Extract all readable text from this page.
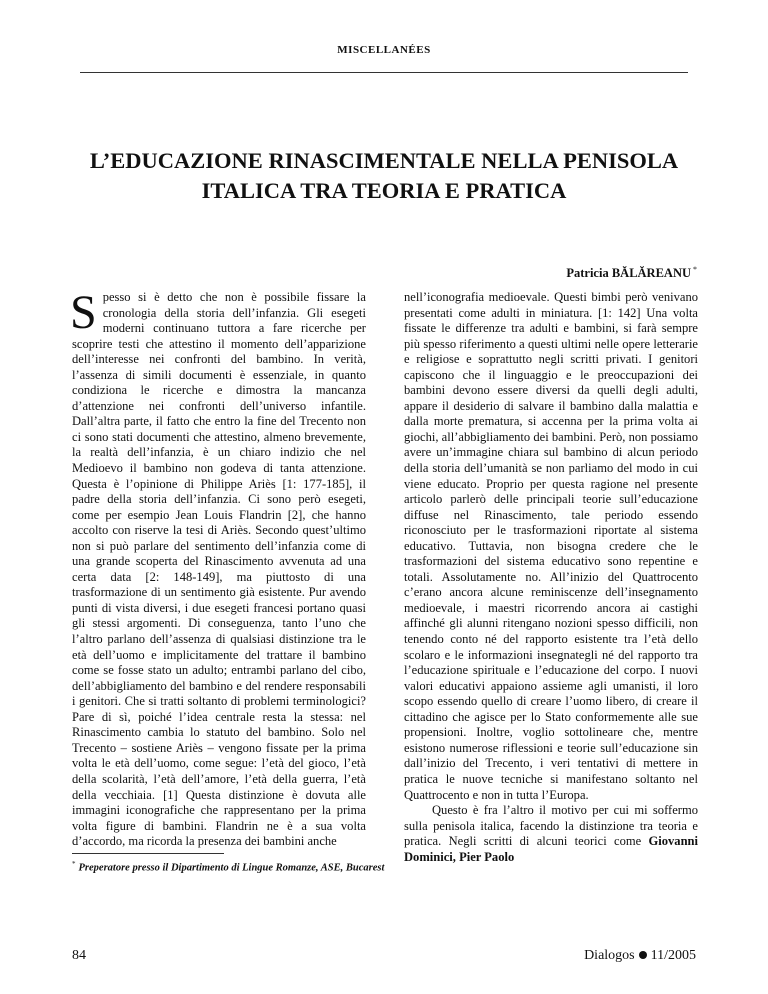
MISCELLANÉES
L’EDUCAZIONE RINASCIMENTALE NELLA PENISOLA ITALICA TRA TEORIA E PRATICA
Patricia BĂLĂREANU *

Spesso si è detto che non è possibile fissare la cronologia della storia dell’infanzia. Gli esegeti moderni continuano tuttora a fare ricerche per scoprire testi che attestino il momento dell’apparizione dell’interesse nei confronti del bambino. In verità, l’assenza di simili documenti è essenziale, in quanto condiziona le ricerche e dimostra la mancanza d’attenzione nei confronti dell’universo infantile. Dall’altra parte, il fatto che entro la fine del Trecento non ci sono stati documenti che attestino, almeno brevemente, la realtà dell’infanzia, è un chiaro indizio che nel Medioevo il bambino non godeva di tanta attenzione. Questa è l’opinione di Philippe Ariès [1: 177-185], il padre della storia dell’infanzia. Ci sono però esegeti, come per esempio Jean Louis Flandrin [2], che hanno accolto con riserve la tesi di Ariès. Secondo quest’ultimo non si può parlare del sentimento dell’infanzia come di una grande scoperta del Rinascimento avvenuta ad una certa data [2: 148-149], ma piuttosto di una trasformazione di un sentimento già esistente. Pur avendo punti di vista diversi, i due esegeti francesi portano quasi gli stessi argomenti. Di conseguenza, tanto l’uno che l’altro parlano dell’assenza di qualsiasi distinzione tra le età dell’uomo e implicitamente del trattare il bambino come se fosse stato un adulto; entrambi parlano del cibo, dell’abbigliamento del bambino e del rendere responsabili i genitori. Che si tratti soltanto di problemi terminologici? Pare di sì, poiché l’idea centrale resta la stessa: nel Rinascimento cambia lo statuto del bambino. Solo nel Trecento – sostiene Ariès – vengono fissate per la prima volta le età dell’uomo, come segue: l’età del gioco, l’età della scolarità, l’età dell’amore, l’età della guerra, l’età della vecchiaia. [1] Questa distinzione è dovuta alle immagini iconografiche che rappresentano per la prima volta figure di bambini. Flandrin ne è a sua volta d’accordo, ma ricorda la presenza dei bambini anche

nell’iconografia medioevale. Questi bimbi però venivano presentati come adulti in miniatura. [1: 142] Una volta fissate le differenze tra adulti e bambini, si farà sempre più spesso riferimento a questi ultimi nelle opere letterarie e religiose e soprattutto negli scritti privati. I genitori capiscono che il linguaggio e le preoccupazioni dei bambini devono essere diversi da quelli degli adulti, appare il desiderio di salvare il bambino dalla malattia e dalla morte prematura, si accenna per la prima volta ai giochi, all’abbigliamento dei bambini. Però, non possiamo avere un’immagine chiara sul bambino di alcun periodo della storia dell’umanità se non parliamo del modo in cui viene educato. Proprio per questa ragione nel presente articolo parlerò delle principali teorie sull’educazione diffuse nel Rinascimento, tale periodo essendo riconosciuto per le trasformazioni riportate al sistema educativo. Tuttavia, non bisogna credere che le trasformazioni del sistema educativo sono repentine e totali. Assolutamente no. All’inizio del Quattrocento c’erano ancora alcune reminiscenze dell’insegnamento medioevale, i maestri ricorrendo ancora ai castighi affinché gli alunni ritengano nozioni spesso difficili, non tenendo conto né del rapporto esistente tra l’età dello scolaro e le informazioni insegnategli né del rapporto tra l’educazione spirituale e l’educazione del corpo. I nuovi valori educativi appaiono assieme agli umanisti, il loro scopo essendo quello di creare l’uomo libero, di creare il cittadino che agisce per lo Stato conformemente alle sue propensioni. Inoltre, voglio sottolineare che, mentre esistono numerose riflessioni e teorie sull’educazione sin dall’inizio del Trecento, i veri tentativi di mettere in pratica le nuove tecniche si manifestano soltanto nel Quattrocento e non in tutta l’Europa.

Questo è fra l’altro il motivo per cui mi soffermo sulla penisola italica, facendo la distinzione tra teoria e pratica. Negli scritti di alcuni teorici come Giovanni Dominici, Pier Paolo

* Preperatore presso il Dipartimento di Lingue Romanze, ASE, Bucarest
84	Dialogos 11/2005
